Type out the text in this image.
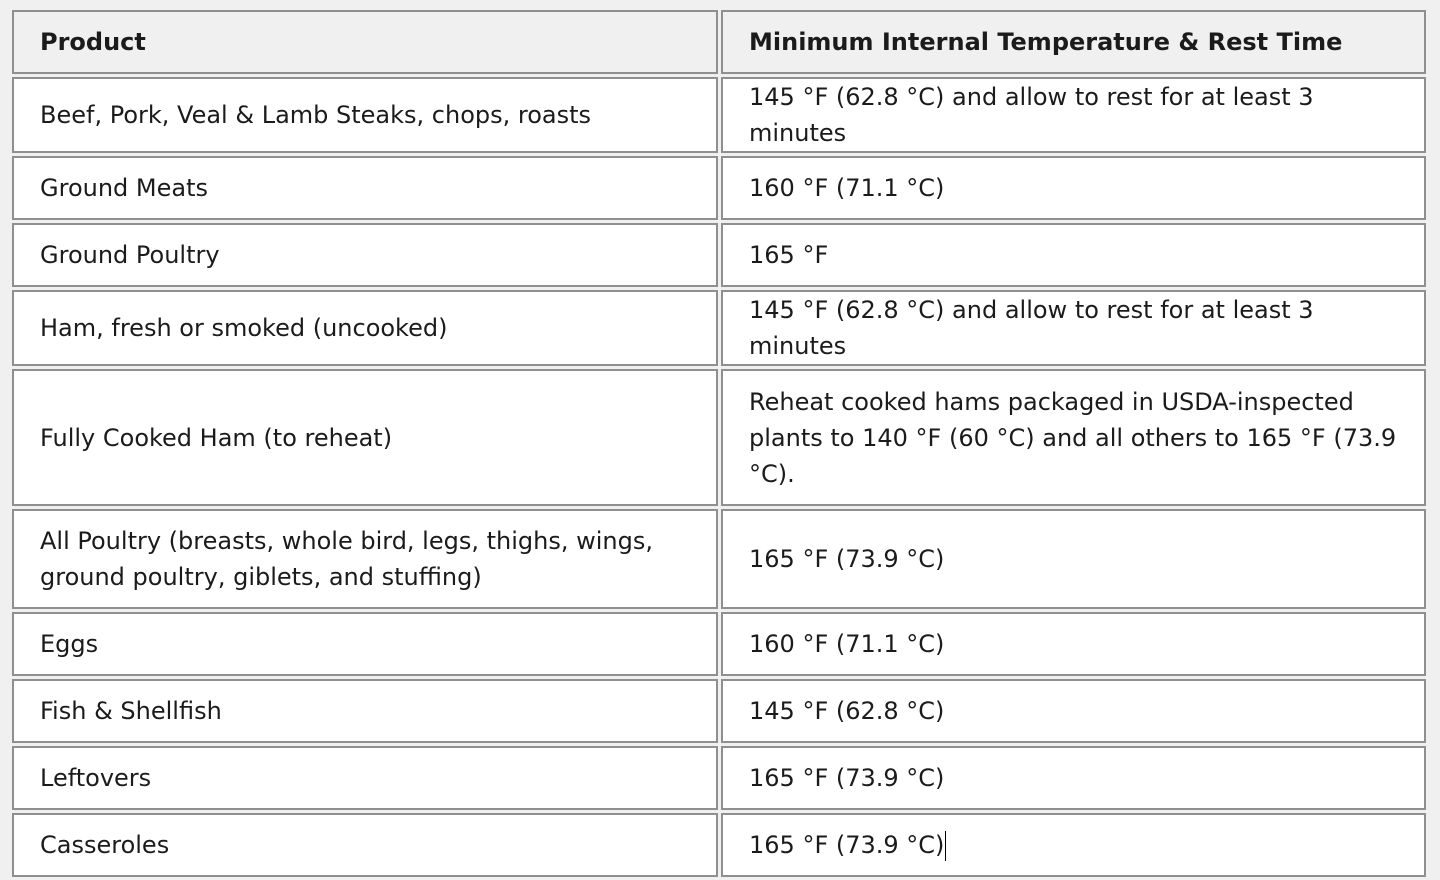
Product	Minimum Internal Temperature & Rest Time
Beef, Pork, Veal & Lamb Steaks, chops, roasts	145 °F (62.8 °C) and allow to rest for at least 3 minutes
Ground Meats	160 °F (71.1 °C)
Ground Poultry	165 °F
Ham, fresh or smoked (uncooked)	145 °F (62.8 °C) and allow to rest for at least 3 minutes
Fully Cooked Ham (to reheat)	Reheat cooked hams packaged in USDA-inspected plants to 140 °F (60 °C) and all others to 165 °F (73.9 °C).
All Poultry (breasts, whole bird, legs, thighs, wings, ground poultry, giblets, and stuffing)	165 °F (73.9 °C)
Eggs	160 °F (71.1 °C)
Fish & Shellfish	145 °F (62.8 °C)
Leftovers	165 °F (73.9 °C)
Casseroles	165 °F (73.9 °C)
